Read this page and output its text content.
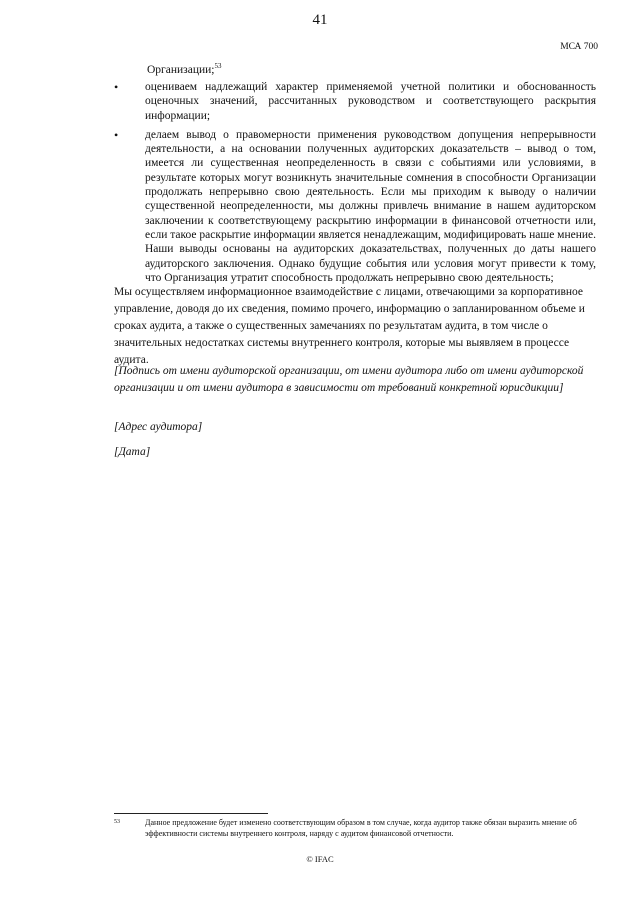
41
МСА 700
Организации;$^{53}$
• оцениваем надлежащий характер применяемой учетной политики и обоснованность оценочных значений, рассчитанных руководством и соответствующего раскрытия информации;
• делаем вывод о правомерности применения руководством допущения непрерывности деятельности, а на основании полученных аудиторских доказательств – вывод о том, имеется ли существенная неопределенность в связи с событиями или условиями, в результате которых могут возникнуть значительные сомнения в способности Организации продолжать непрерывно свою деятельность. Если мы приходим к выводу о наличии существенной неопределенности, мы должны привлечь внимание в нашем аудиторском заключении к соответствующему раскрытию информации в финансовой отчетности или, если такое раскрытие информации является ненадлежащим, модифицировать наше мнение. Наши выводы основаны на аудиторских доказательствах, полученных до даты нашего аудиторского заключения. Однако будущие события или условия могут привести к тому, что Организация утратит способность продолжать непрерывно свою деятельность;

Мы осуществляем информационное взаимодействие с лицами, отвечающими за корпоративное управление, доводя до их сведения, помимо прочего, информацию о запланированном объеме и сроках аудита, а также о существенных замечаниях по результатам аудита, в том числе о значительных недостатках системы внутреннего контроля, которые мы выявляем в процессе аудита.

[Подпись от имени аудиторской организации, от имени аудитора либо от имени аудиторской организации и от имени аудитора в зависимости от требований конкретной юрисдикции]

[Адрес аудитора]
[Дата]

53	Данное предложение будет изменено соответствующим образом в том случае, когда аудитор также обязан выразить мнение об эффективности системы внутреннего контроля, наряду с аудитом финансовой отчетности.

© IFAC
